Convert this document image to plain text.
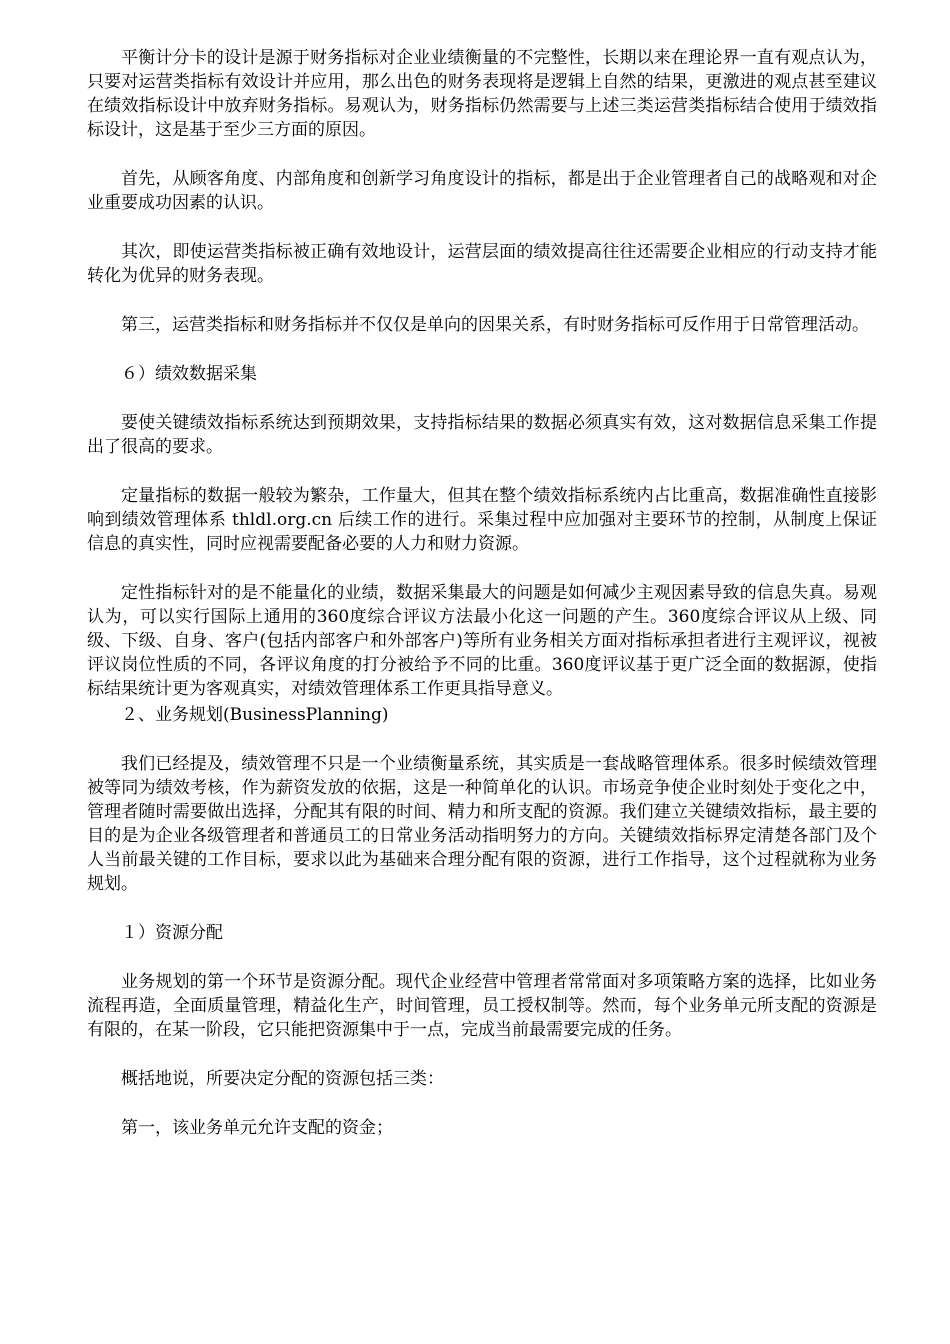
平衡计分卡的设计是源于财务指标对企业业绩衡量的不完整性，长期以来在理论界一直有观点认为，只要对运营类指标有效设计并应用，那么出色的财务表现将是逻辑上自然的结果，更激进的观点甚至建议在绩效指标设计中放弃财务指标。易观认为，财务指标仍然需要与上述三类运营类指标结合使用于绩效指标设计，这是基于至少三方面的原因。

首先，从顾客角度、内部角度和创新学习角度设计的指标，都是出于企业管理者自己的战略观和对企业重要成功因素的认识。

其次，即使运营类指标被正确有效地设计，运营层面的绩效提高往往还需要企业相应的行动支持才能转化为优异的财务表现。

第三，运营类指标和财务指标并不仅仅是单向的因果关系，有时财务指标可反作用于日常管理活动。

６）绩效数据采集

要使关键绩效指标系统达到预期效果，支持指标结果的数据必须真实有效，这对数据信息采集工作提出了很高的要求。

定量指标的数据一般较为繁杂，工作量大，但其在整个绩效指标系统内占比重高，数据准确性直接影响到绩效管理体系 thldl.org.cn 后续工作的进行。采集过程中应加强对主要环节的控制，从制度上保证信息的真实性，同时应视需要配备必要的人力和财力资源。

定性指标针对的是不能量化的业绩，数据采集最大的问题是如何减少主观因素导致的信息失真。易观认为，可以实行国际上通用的360度综合评议方法最小化这一问题的产生。360度综合评议从上级、同级、下级、自身、客户(包括内部客户和外部客户)等所有业务相关方面对指标承担者进行主观评议，视被评议岗位性质的不同，各评议角度的打分被给予不同的比重。360度评议基于更广泛全面的数据源，使指标结果统计更为客观真实，对绩效管理体系工作更具指导意义。

２、业务规划(BusinessPlanning)

我们已经提及，绩效管理不只是一个业绩衡量系统，其实质是一套战略管理体系。很多时候绩效管理被等同为绩效考核，作为薪资发放的依据，这是一种简单化的认识。市场竞争使企业时刻处于变化之中，管理者随时需要做出选择，分配其有限的时间、精力和所支配的资源。我们建立关键绩效指标，最主要的目的是为企业各级管理者和普通员工的日常业务活动指明努力的方向。关键绩效指标界定清楚各部门及个人当前最关键的工作目标，要求以此为基础来合理分配有限的资源，进行工作指导，这个过程就称为业务规划。

１）资源分配

业务规划的第一个环节是资源分配。现代企业经营中管理者常常面对多项策略方案的选择，比如业务流程再造，全面质量管理，精益化生产，时间管理，员工授权制等。然而，每个业务单元所支配的资源是有限的，在某一阶段，它只能把资源集中于一点，完成当前最需要完成的任务。

概括地说，所要决定分配的资源包括三类：

第一，该业务单元允许支配的资金；
